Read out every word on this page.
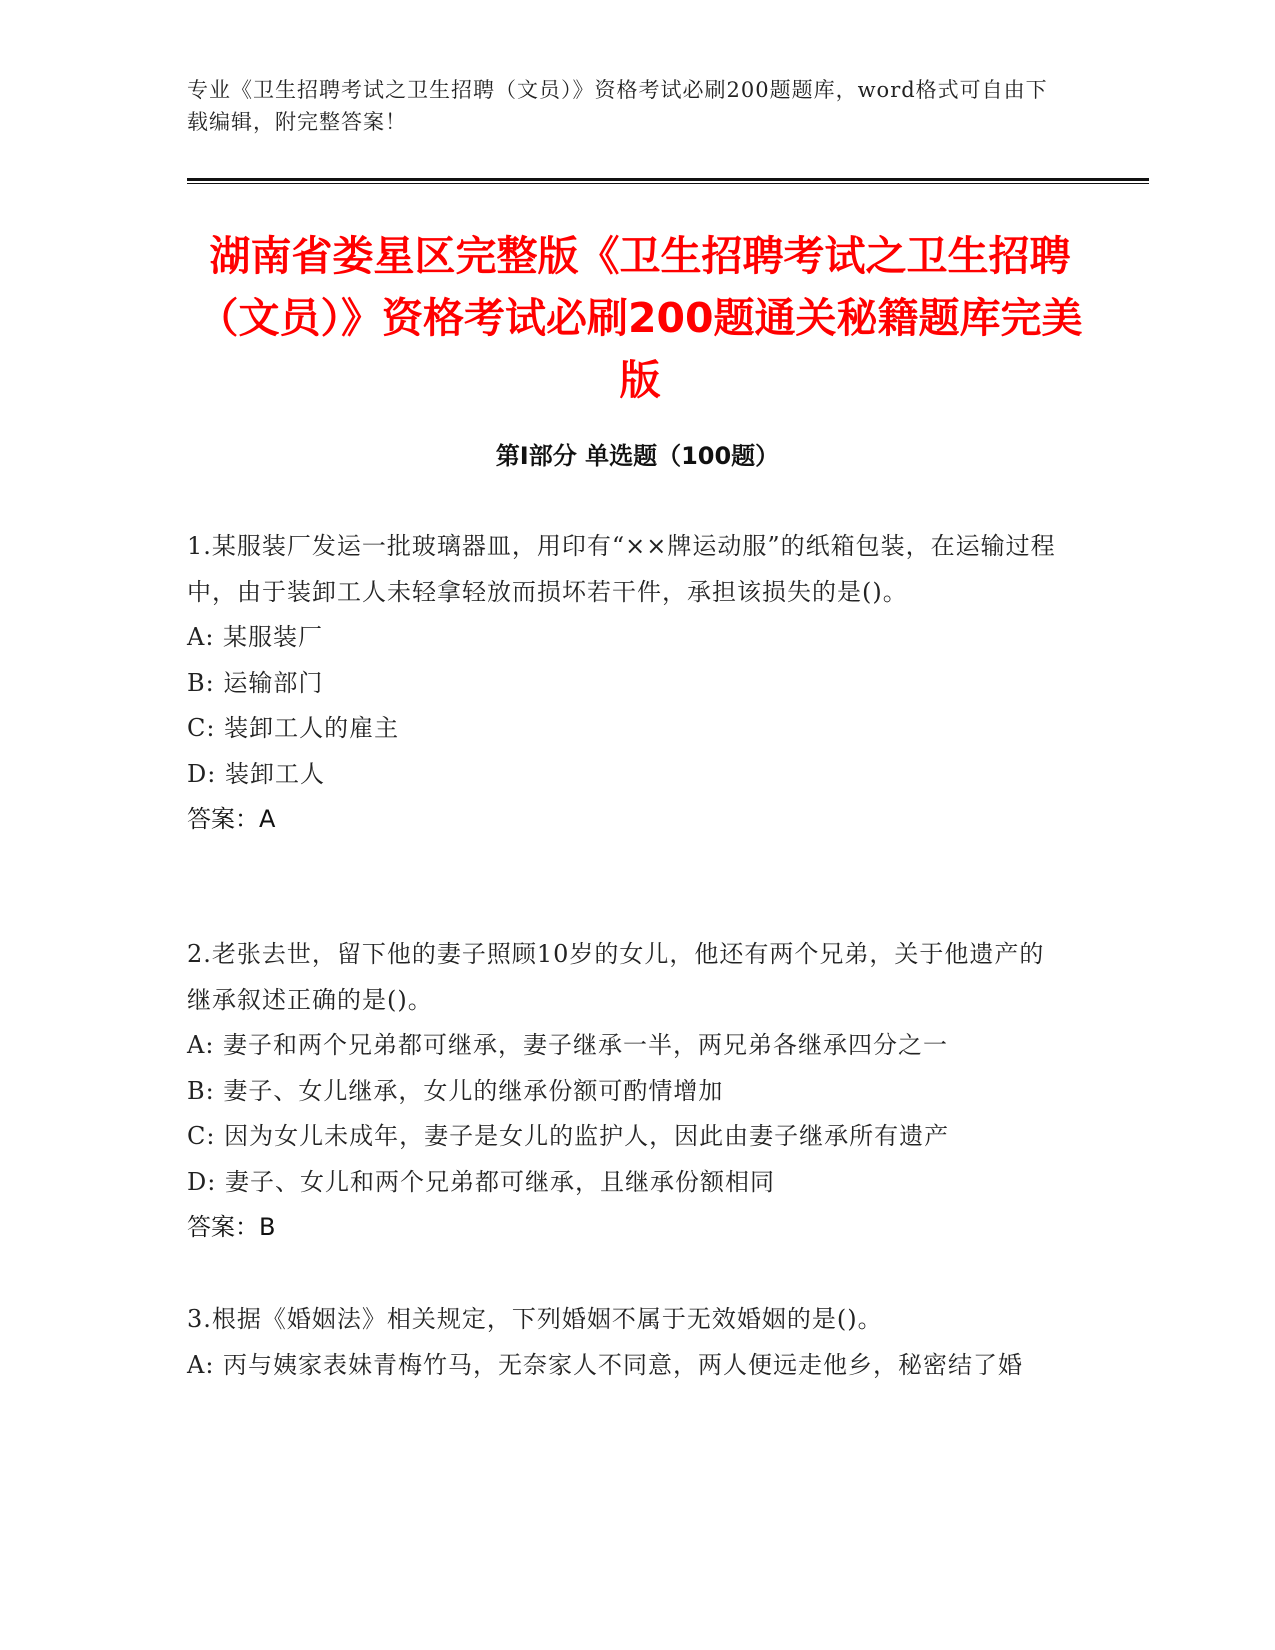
专业《卫生招聘考试之卫生招聘（文员）》资格考试必刷200题题库，word格式可自由下载编辑，附完整答案！

湖南省娄星区完整版《卫生招聘考试之卫生招聘（文员）》资格考试必刷200题通关秘籍题库完美版
第I部分 单选题（100题）

1.某服装厂发运一批玻璃器皿，用印有“××牌运动服”的纸箱包装，在运输过程中，由于装卸工人未轻拿轻放而损坏若干件，承担该损失的是()。

A: 某服装厂

B: 运输部门

C: 装卸工人的雇主

D: 装卸工人

答案：A

2.老张去世，留下他的妻子照顾10岁的女儿，他还有两个兄弟，关于他遗产的继承叙述正确的是()。

A: 妻子和两个兄弟都可继承，妻子继承一半，两兄弟各继承四分之一

B: 妻子、女儿继承，女儿的继承份额可酌情增加

C: 因为女儿未成年，妻子是女儿的监护人，因此由妻子继承所有遗产

D: 妻子、女儿和两个兄弟都可继承，且继承份额相同

答案：B

3.根据《婚姻法》相关规定，下列婚姻不属于无效婚姻的是()。

A: 丙与姨家表妹青梅竹马，无奈家人不同意，两人便远走他乡，秘密结了婚
